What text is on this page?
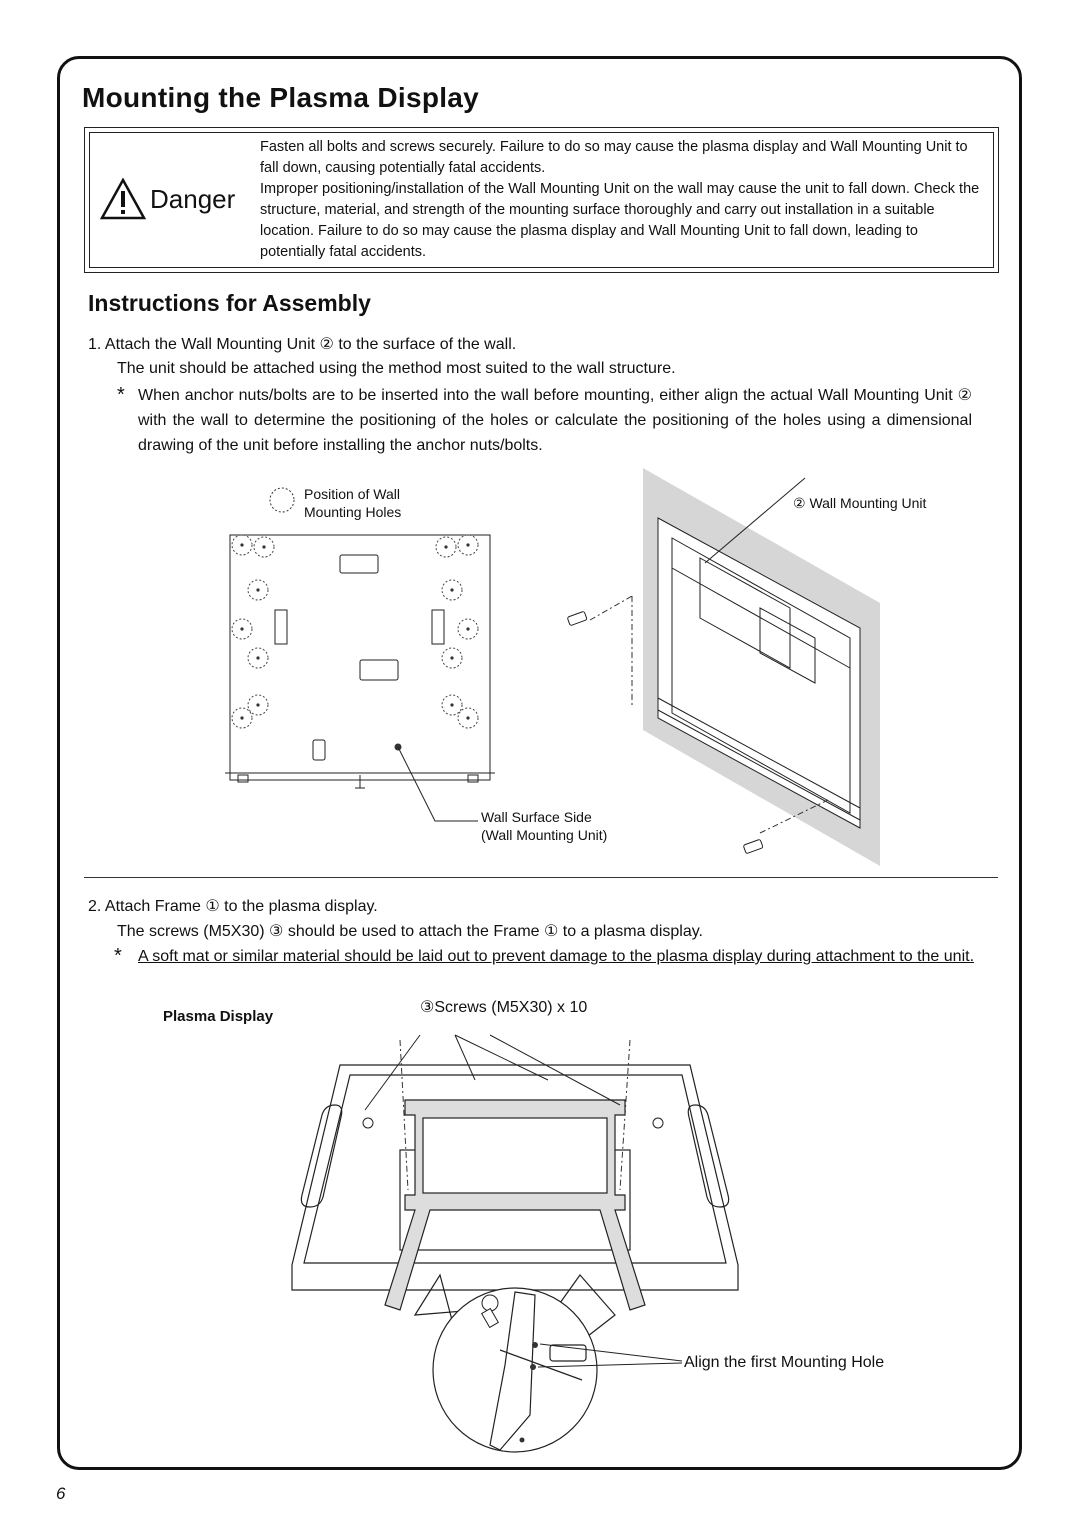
Mounting the Plasma Display
Danger

Fasten all bolts and screws securely. Failure to do so may cause the plasma display and Wall Mounting Unit to fall down, causing potentially fatal accidents.

Improper positioning/installation of the Wall Mounting Unit on the wall may cause the unit to fall down. Check the structure, material, and strength of the mounting surface thoroughly and carry out installation in a suitable location. Failure to do so may cause the plasma display and Wall Mounting Unit to fall down, leading to potentially fatal accidents.

Instructions for Assembly
1. Attach the Wall Mounting Unit ② to the surface of the wall.
The unit should be attached using the method most suited to the wall structure.
* When anchor nuts/bolts are to be inserted into the wall before mounting, either align the actual Wall Mounting Unit ② with the wall to determine the positioning of the holes or calculate the positioning of the holes using a dimensional drawing of the unit before installing the anchor nuts/bolts.
Position of Wall
Mounting Holes
② Wall Mounting Unit
Wall Surface Side
(Wall Mounting Unit)
2. Attach Frame ① to the plasma display.
The screws (M5X30) ③ should be used to attach the Frame ① to a plasma display.
* A soft mat or similar material should be laid out to prevent damage to the plasma display during attachment to the unit.
Plasma Display
③Screws (M5X30) x 10
Align the first Mounting Hole
6
